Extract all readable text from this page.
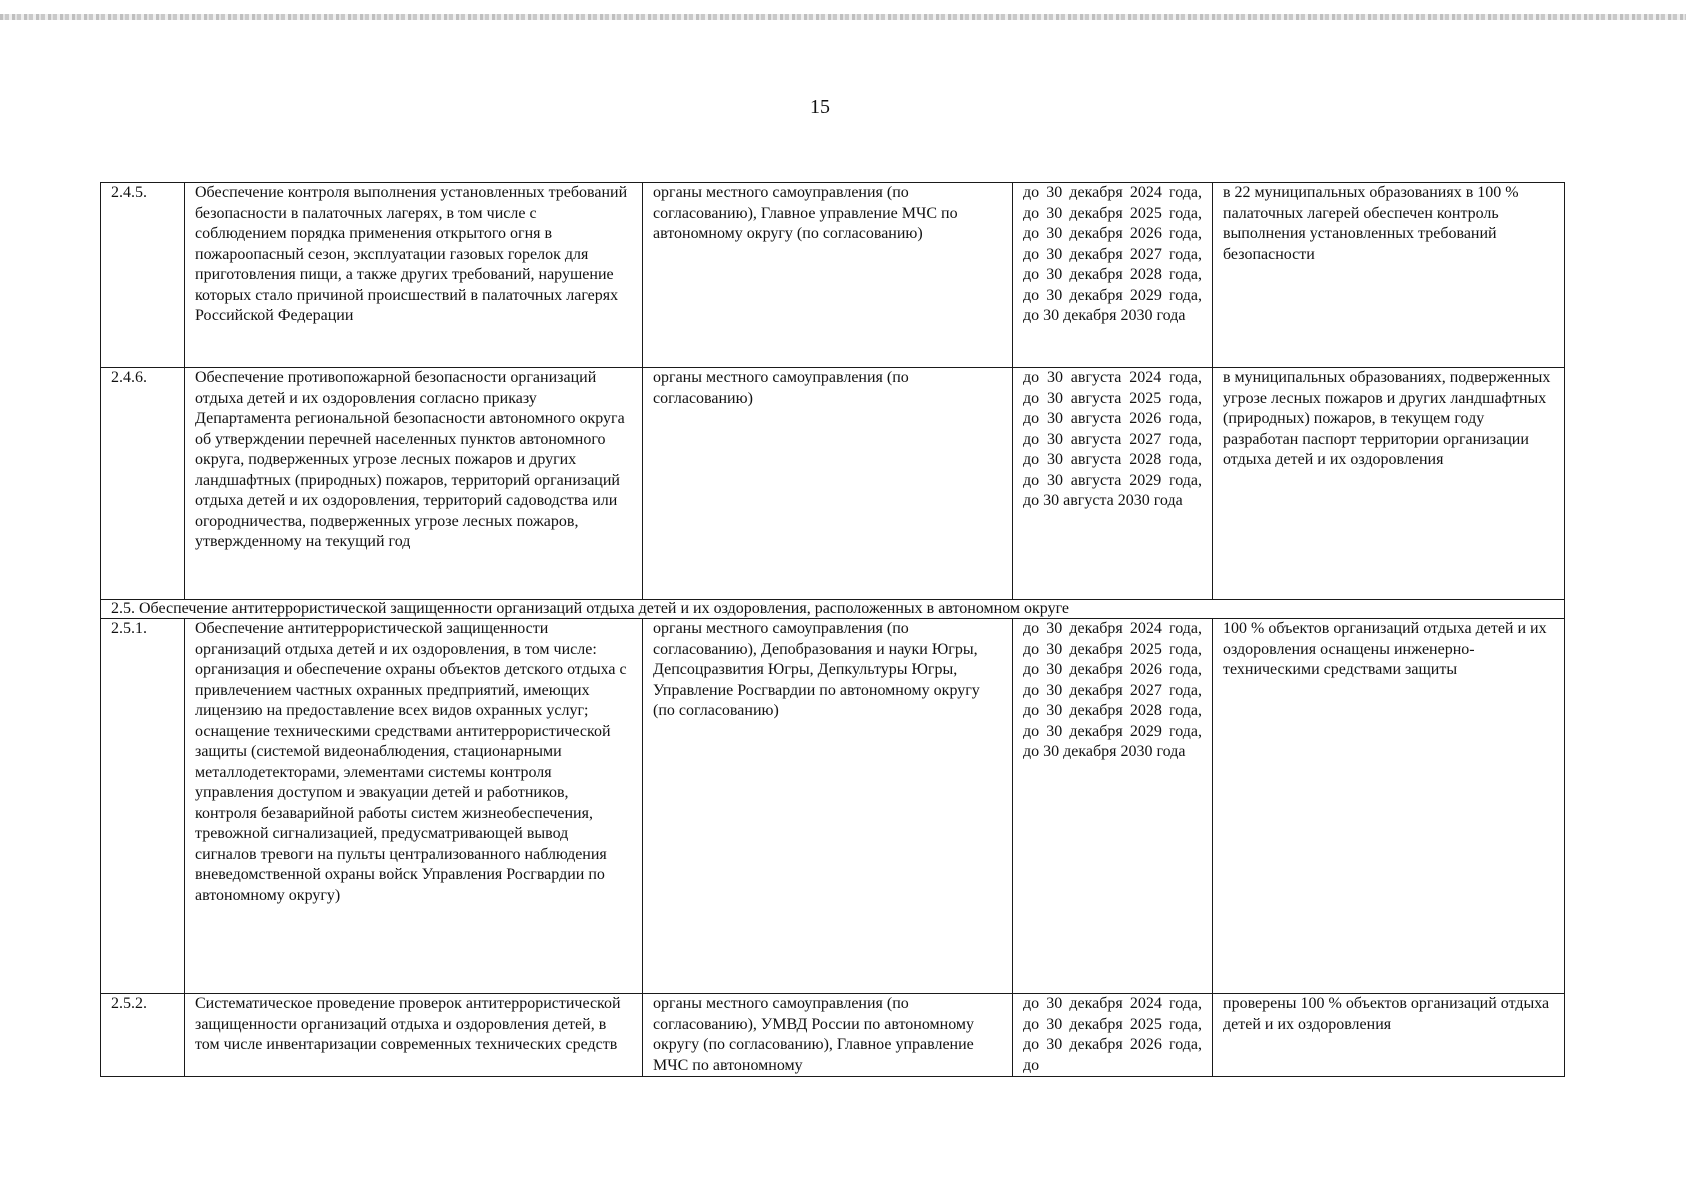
15
2.4.5.	Обеспечение контроля выполнения установленных требований безопасности в палаточных лагерях, в том числе с соблюдением порядка применения открытого огня в пожароопасный сезон, эксплуатации газовых горелок для приготовления пищи, а также других требований, нарушение которых стало причиной происшествий в палаточных лагерях Российской Федерации	органы местного самоуправления (по согласованию), Главное управление МЧС по автономному округу (по согласованию)	до 30 декабря 2024 года, до 30 декабря 2025 года, до 30 декабря 2026 года, до 30 декабря 2027 года, до 30 декабря 2028 года, до 30 декабря 2029 года, до 30 декабря 2030 года	в 22 муниципальных образованиях в 100 % палаточных лагерей обеспечен контроль выполнения установленных требований безопасности
2.4.6.	Обеспечение противопожарной безопасности организаций отдыха детей и их оздоровления согласно приказу Департамента региональной безопасности автономного округа об утверждении перечней населенных пунктов автономного округа, подверженных угрозе лесных пожаров и других ландшафтных (природных) пожаров, территорий организаций отдыха детей и их оздоровления, территорий садоводства или огородничества, подверженных угрозе лесных пожаров, утвержденному на текущий год	органы местного самоуправления (по согласованию)	до 30 августа 2024 года, до 30 августа 2025 года, до 30 августа 2026 года, до 30 августа 2027 года, до 30 августа 2028 года, до 30 августа 2029 года, до 30 августа 2030 года	в муниципальных образованиях, подверженных угрозе лесных пожаров и других ландшафтных (природных) пожаров, в текущем году разработан паспорт территории организации отдыха детей и их оздоровления
2.5. Обеспечение антитеррористической защищенности организаций отдыха детей и их оздоровления, расположенных в автономном округе				
2.5.1.	Обеспечение антитеррористической защищенности организаций отдыха детей и их оздоровления, в том числе:
организация и обеспечение охраны объектов детского отдыха с привлечением частных охранных предприятий, имеющих лицензию на предоставление всех видов охранных услуг;
оснащение техническими средствами антитеррористической защиты (системой видеонаблюдения, стационарными металлодетекторами, элементами системы контроля управления доступом и эвакуации детей и работников, контроля безаварийной работы систем жизнеобеспечения, тревожной сигнализацией, предусматривающей вывод сигналов тревоги на пульты централизованного наблюдения вневедомственной охраны войск Управления Росгвардии по автономному округу)	органы местного самоуправления (по согласованию), Депобразования и науки Югры, Депсоцразвития Югры, Депкультуры Югры, Управление Росгвардии по автономному округу (по согласованию)	до 30 декабря 2024 года, до 30 декабря 2025 года, до 30 декабря 2026 года, до 30 декабря 2027 года, до 30 декабря 2028 года, до 30 декабря 2029 года, до 30 декабря 2030 года	100 % объектов организаций отдыха детей и их оздоровления оснащены инженерно-техническими средствами защиты
2.5.2.	Систематическое проведение проверок антитеррористической защищенности организаций отдыха и оздоровления детей, в том числе инвентаризации современных технических средств	органы местного самоуправления (по согласованию), УМВД России по автономному округу (по согласованию), Главное управление МЧС по автономному	до 30 декабря 2024 года, до 30 декабря 2025 года, до 30 декабря 2026 года, до	проверены 100 % объектов организаций отдыха детей и их оздоровления
